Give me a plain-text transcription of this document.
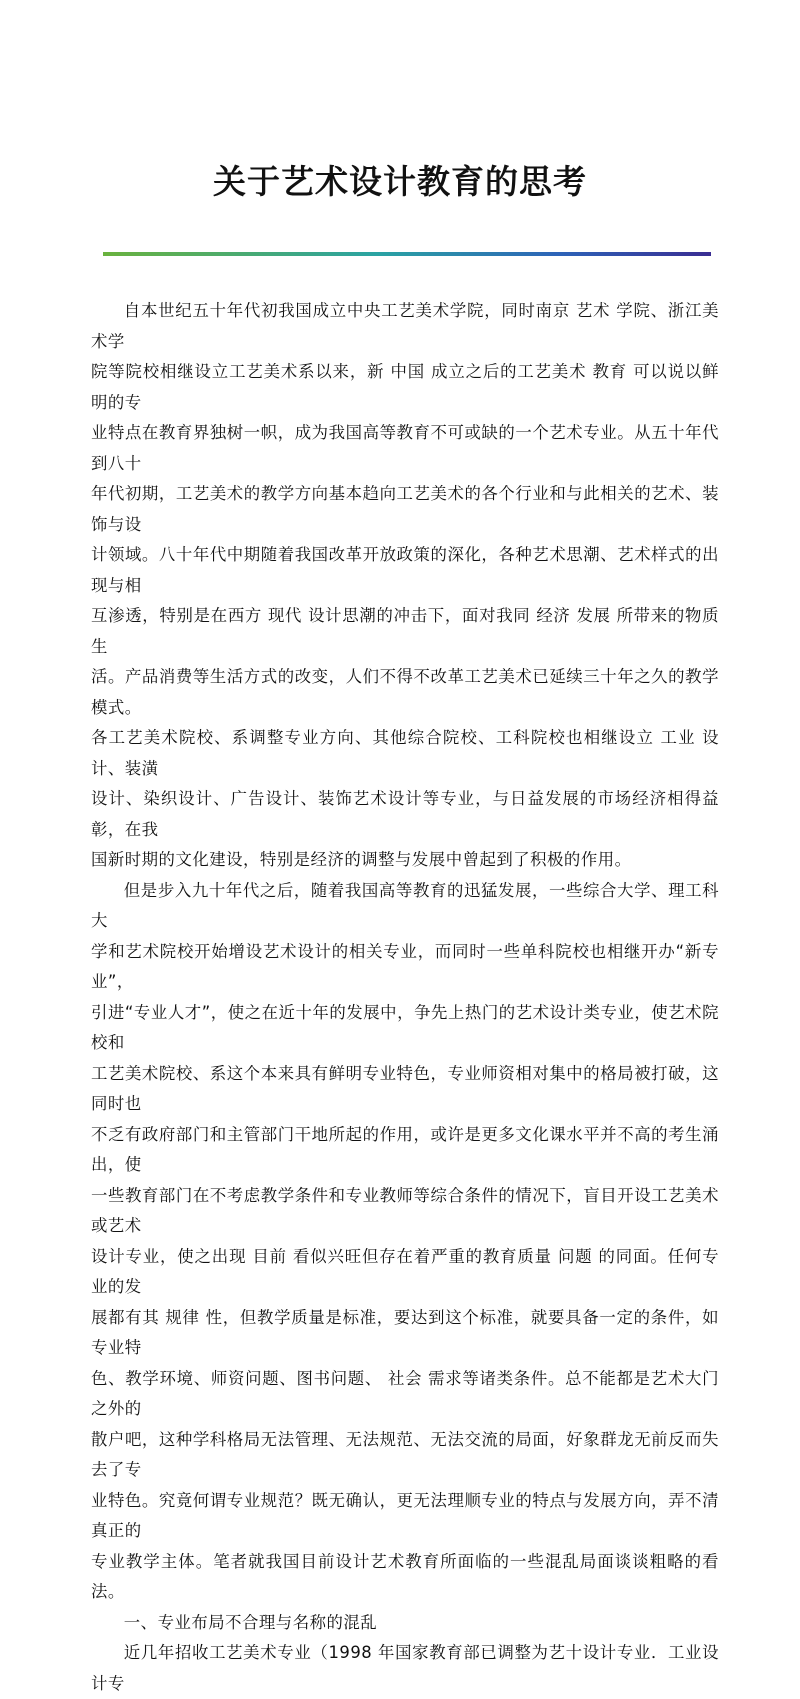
关于艺术设计教育的思考

自本世纪五十年代初我国成立中央工艺美术学院，同时南京 艺术 学院、浙江美术学
院等院校相继设立工艺美术系以来，新 中国 成立之后的工艺美术 教育 可以说以鲜明的专
业特点在教育界独树一帜，成为我国高等教育不可或缺的一个艺术专业。从五十年代到八十
年代初期，工艺美术的教学方向基本趋向工艺美术的各个行业和与此相关的艺术、装饰与设
计领域。八十年代中期随着我国改革开放政策的深化，各种艺术思潮、艺术样式的出现与相
互渗透，特别是在西方 现代 设计思潮的冲击下，面对我同 经济 发展 所带来的物质生
活。产品消费等生活方式的改变，人们不得不改革工艺美术已延续三十年之久的教学模式。
各工艺美术院校、系调整专业方向、其他综合院校、工科院校也相继设立 工业 设计、装潢
设计、染织设计、广告设计、装饰艺术设计等专业，与日益发展的市场经济相得益彰，在我
国新时期的文化建设，特别是经济的调整与发展中曾起到了积极的作用。

但是步入九十年代之后，随着我国高等教育的迅猛发展，一些综合大学、理工科大
学和艺术院校开始增设艺术设计的相关专业，而同时一些单科院校也相继开办“新专业”，
引进“专业人才”，使之在近十年的发展中，争先上热门的艺术设计类专业，使艺术院校和
工艺美术院校、系这个本来具有鲜明专业特色，专业师资相对集中的格局被打破，这同时也
不乏有政府部门和主管部门干地所起的作用，或许是更多文化课水平并不高的考生涌出，使
一些教育部门在不考虑教学条件和专业教师等综合条件的情况下，盲目开设工艺美术或艺术
设计专业，使之出现 目前 看似兴旺但存在着严重的教育质量 问题 的同面。任何专业的发
展都有其 规律 性，但教学质量是标准，要达到这个标准，就要具备一定的条件，如专业特
色、教学环境、师资问题、图书问题、 社会 需求等诸类条件。总不能都是艺术大门之外的
散户吧，这种学科格局无法管理、无法规范、无法交流的局面，好象群龙无前反而失去了专
业特色。究竟何谓专业规范？既无确认，更无法理顺专业的特点与发展方向，弄不清真正的
专业教学主体。笔者就我国目前设计艺术教育所面临的一些混乱局面谈谈粗略的看法。

一、专业布局不合理与名称的混乱

近几年招收工艺美术专业（1998 年国家教育部已调整为艺十设计专业．工业设计专
